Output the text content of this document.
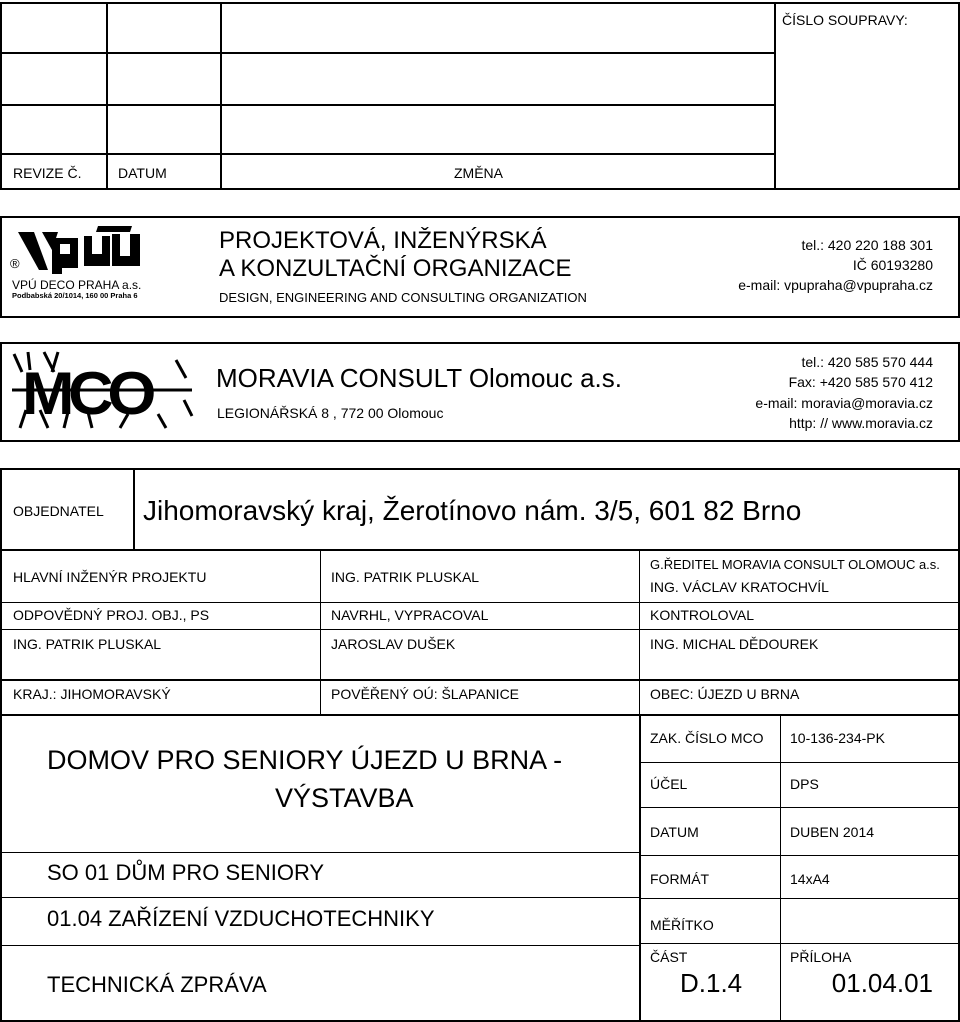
ČÍSLO SOUPRAVY:
REVIZE Č.	DATUM	ZMĚNA
®
VPÚ DECO PRAHA a.s.
Podbabská 20/1014, 160 00 Praha 6
PROJEKTOVÁ, INŽENÝRSKÁ
A KONZULTAČNÍ ORGANIZACE
DESIGN, ENGINEERING AND CONSULTING ORGANIZATION
tel.: 420 220 188 301
IČ 60193280
e-mail: vpupraha@vpupraha.cz
MCO	MORAVIA CONSULT Olomouc a.s.
LEGIONÁŘSKÁ 8 , 772 00 Olomouc
tel.: 420 585 570 444
Fax: +420 585 570 412
e-mail: moravia@moravia.cz
http: // www.moravia.cz
OBJEDNATEL Jihomoravský kraj, Žerotínovo nám. 3/5, 601 82 Brno
HLAVNÍ INŽENÝR PROJEKTU	ING. PATRIK PLUSKAL
G.ŘEDITEL MORAVIA CONSULT OLOMOUC a.s.
ING. VÁCLAV KRATOCHVÍL
ODPOVĚDNÝ PROJ. OBJ., PS	NAVRHL, VYPRACOVAL	KONTROLOVAL
ING. PATRIK PLUSKAL	JAROSLAV DUŠEK	ING. MICHAL DĚDOUREK
KRAJ.: JIHOMORAVSKÝ	POVĚŘENÝ OÚ: ŠLAPANICE	OBEC: ÚJEZD U BRNA
DOMOV PRO SENIORY ÚJEZD U BRNA -
VÝSTAVBA
SO 01 DŮM PRO SENIORY
01.04 ZAŘÍZENÍ VZDUCHOTECHNIKY
TECHNICKÁ ZPRÁVA
ZAK. ČÍSLO MCO 10-136-234-PK
ÚČEL	DPS
DATUM	DUBEN 2014
FORMÁT	14xA4
MĚŘÍTKO
ČÁST	PŘÍLOHA
D.1.4	01.04.01
